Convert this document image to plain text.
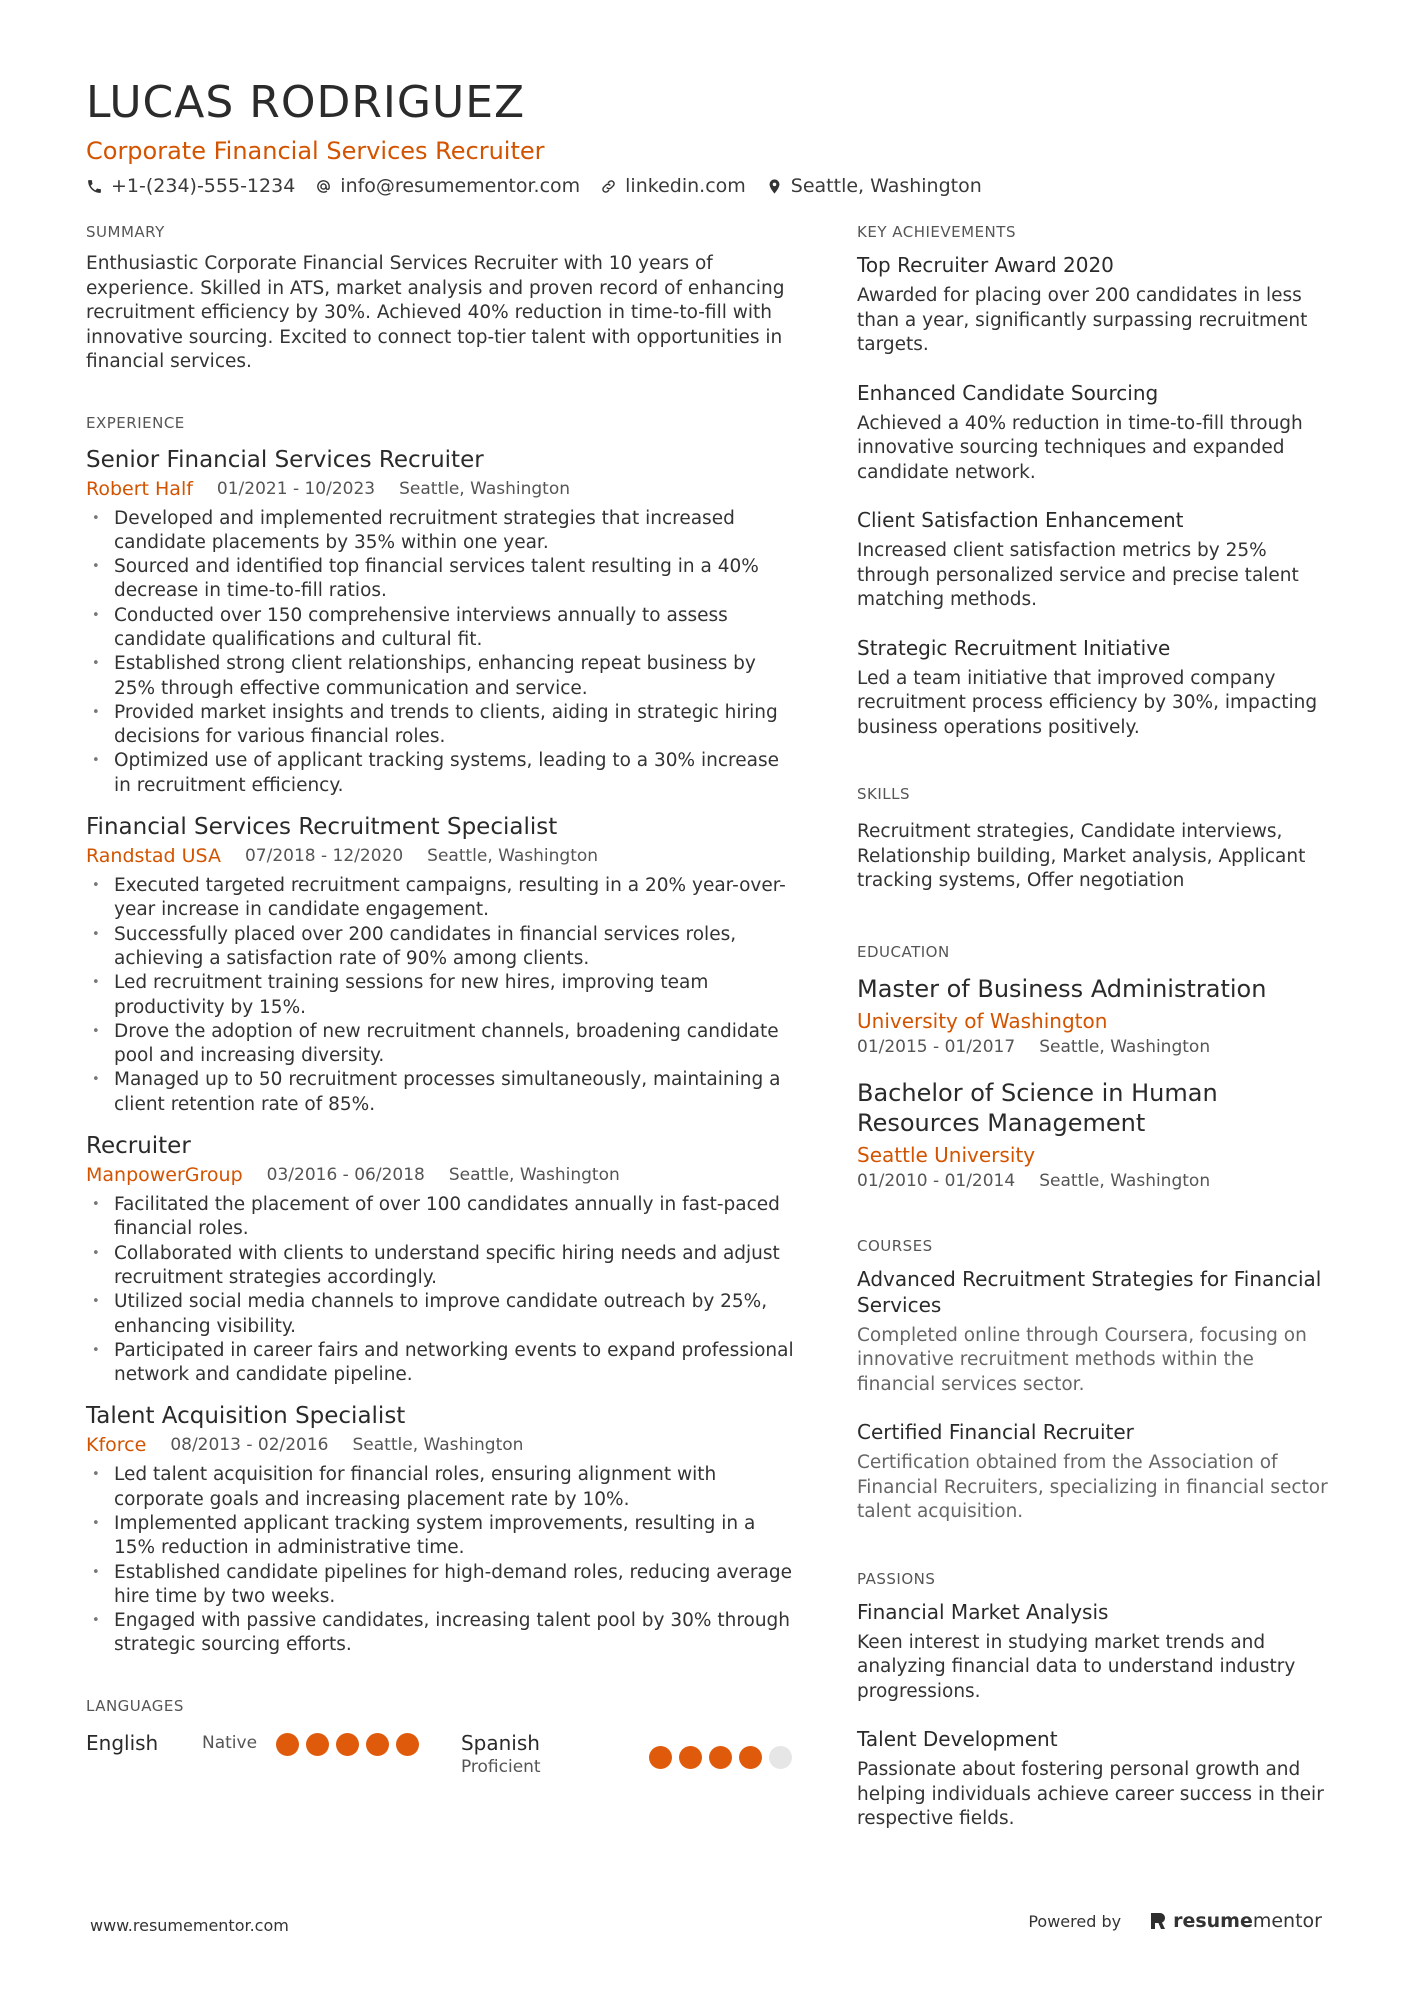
LUCAS RODRIGUEZ
Corporate Financial Services Recruiter
+1-(234)-555-1234 info@resumementor.com linkedin.com Seattle, Washington
SUMMARY
Enthusiastic Corporate Financial Services Recruiter with 10 years of experience. Skilled in ATS, market analysis and proven record of enhancing recruitment efficiency by 30%. Achieved 40% reduction in time-to-fill with innovative sourcing. Excited to connect top-tier talent with opportunities in financial services.
EXPERIENCE
Senior Financial Services Recruiter
Robert Half 01/2021 - 10/2023 Seattle, Washington
• Developed and implemented recruitment strategies that increased candidate placements by 35% within one year.
• Sourced and identified top financial services talent resulting in a 40% decrease in time-to-fill ratios.
• Conducted over 150 comprehensive interviews annually to assess candidate qualifications and cultural fit.
• Established strong client relationships, enhancing repeat business by 25% through effective communication and service.
• Provided market insights and trends to clients, aiding in strategic hiring decisions for various financial roles.
• Optimized use of applicant tracking systems, leading to a 30% increase in recruitment efficiency.
Financial Services Recruitment Specialist
Randstad USA 07/2018 - 12/2020 Seattle, Washington
• Executed targeted recruitment campaigns, resulting in a 20% year-over-year increase in candidate engagement.
• Successfully placed over 200 candidates in financial services roles, achieving a satisfaction rate of 90% among clients.
• Led recruitment training sessions for new hires, improving team productivity by 15%.
• Drove the adoption of new recruitment channels, broadening candidate pool and increasing diversity.
• Managed up to 50 recruitment processes simultaneously, maintaining a client retention rate of 85%.
Recruiter
ManpowerGroup 03/2016 - 06/2018 Seattle, Washington
• Facilitated the placement of over 100 candidates annually in fast-paced financial roles.
• Collaborated with clients to understand specific hiring needs and adjust recruitment strategies accordingly.
• Utilized social media channels to improve candidate outreach by 25%, enhancing visibility.
• Participated in career fairs and networking events to expand professional network and candidate pipeline.
Talent Acquisition Specialist
Kforce 08/2013 - 02/2016 Seattle, Washington
• Led talent acquisition for financial roles, ensuring alignment with corporate goals and increasing placement rate by 10%.
• Implemented applicant tracking system improvements, resulting in a 15% reduction in administrative time.
• Established candidate pipelines for high-demand roles, reducing average hire time by two weeks.
• Engaged with passive candidates, increasing talent pool by 30% through strategic sourcing efforts.
LANGUAGES
English	Native	Spanish
Proficient
KEY ACHIEVEMENTS
Top Recruiter Award 2020
Awarded for placing over 200 candidates in less than a year, significantly surpassing recruitment targets.
Enhanced Candidate Sourcing
Achieved a 40% reduction in time-to-fill through innovative sourcing techniques and expanded candidate network.
Client Satisfaction Enhancement
Increased client satisfaction metrics by 25% through personalized service and precise talent matching methods.
Strategic Recruitment Initiative
Led a team initiative that improved company recruitment process efficiency by 30%, impacting business operations positively.
SKILLS
Recruitment strategies, Candidate interviews, Relationship building, Market analysis, Applicant tracking systems, Offer negotiation
EDUCATION
Master of Business Administration
University of Washington
01/2015 - 01/2017 Seattle, Washington
Bachelor of Science in Human Resources Management
Seattle University
01/2010 - 01/2014 Seattle, Washington
COURSES
Advanced Recruitment Strategies for Financial Services
Completed online through Coursera, focusing on innovative recruitment methods within the financial services sector.
Certified Financial Recruiter
Certification obtained from the Association of Financial Recruiters, specializing in financial sector talent acquisition.
PASSIONS
Financial Market Analysis
Keen interest in studying market trends and analyzing financial data to understand industry progressions.
Talent Development
Passionate about fostering personal growth and helping individuals achieve career success in their respective fields.
www.resumementor.com	Powered by	resume mentor
